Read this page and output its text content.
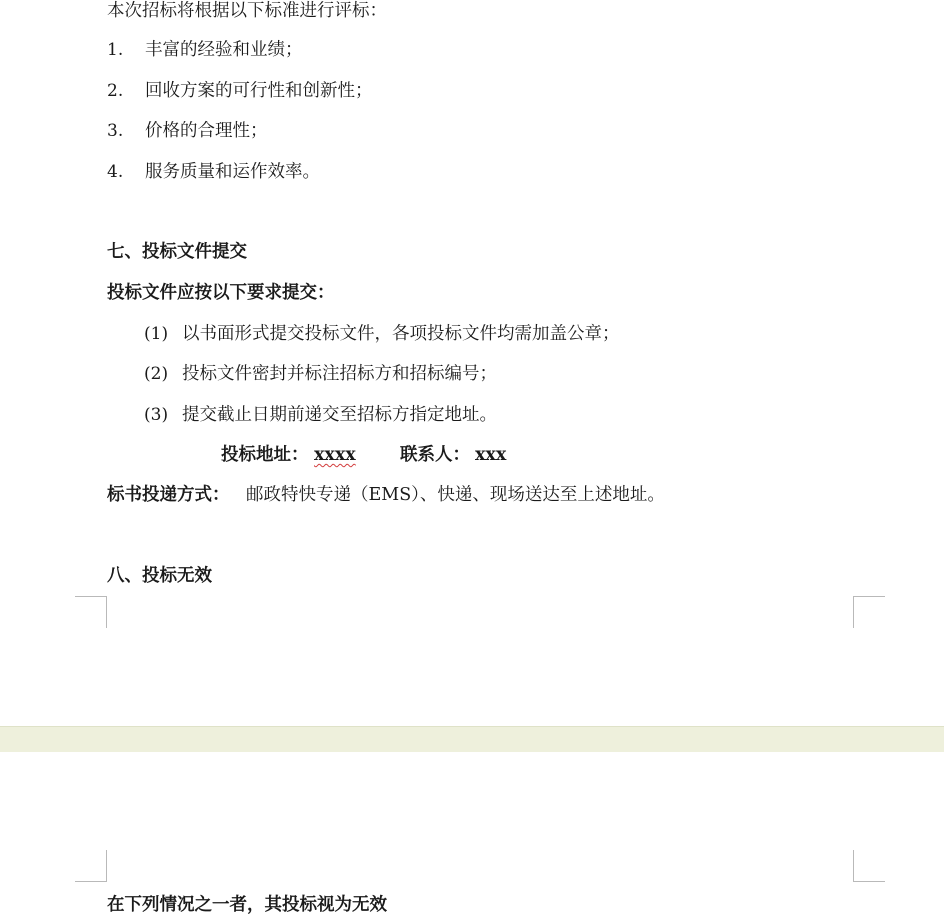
本次招标将根据以下标准进行评标：
1. 丰富的经验和业绩；
2. 回收方案的可行性和创新性；
3. 价格的合理性；
4. 服务质量和运作效率。
七、投标文件提交
投标文件应按以下要求提交：
(1) 以书面形式提交投标文件，各项投标文件均需加盖公章；
(2) 投标文件密封并标注招标方和招标编号；
(3) 提交截止日期前递交至招标方指定地址。
投标地址： xxxx	联系人： xxx
标书投递方式： 邮政特快专递（EMS）、快递、现场送达至上述地址。
八、投标无效
在下列情况之一者，其投标视为无效
